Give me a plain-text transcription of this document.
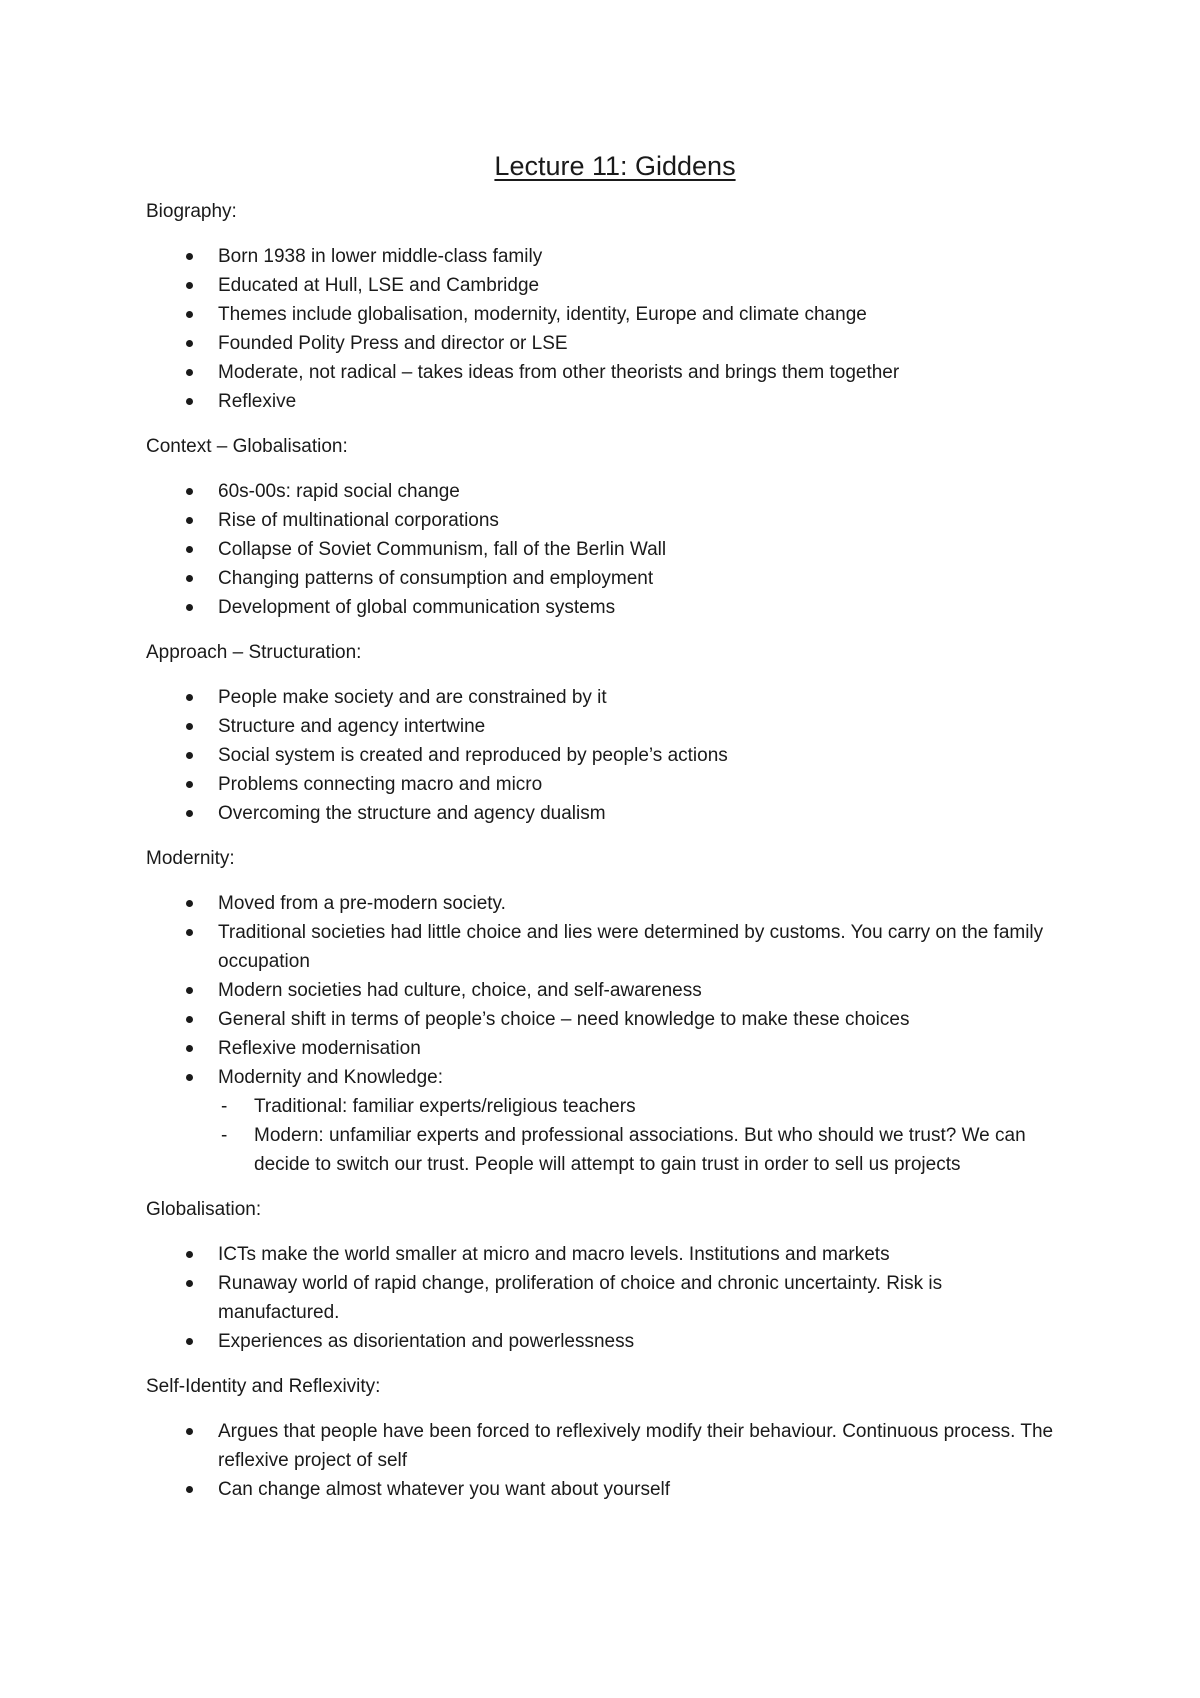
Lecture 11: Giddens
Biography:
Born 1938 in lower middle-class family
Educated at Hull, LSE and Cambridge
Themes include globalisation, modernity, identity, Europe and climate change
Founded Polity Press and director or LSE
Moderate, not radical – takes ideas from other theorists and brings them together
Reflexive
Context – Globalisation:
60s-00s: rapid social change
Rise of multinational corporations
Collapse of Soviet Communism, fall of the Berlin Wall
Changing patterns of consumption and employment
Development of global communication systems
Approach – Structuration:
People make society and are constrained by it
Structure and agency intertwine
Social system is created and reproduced by people’s actions
Problems connecting macro and micro
Overcoming the structure and agency dualism
Modernity:
Moved from a pre-modern society.
Traditional societies had little choice and lies were determined by customs. You carry on the family occupation
Modern societies had culture, choice, and self-awareness
General shift in terms of people’s choice – need knowledge to make these choices
Reflexive modernisation
Modernity and Knowledge:
- Traditional: familiar experts/religious teachers
- Modern: unfamiliar experts and professional associations. But who should we trust? We can decide to switch our trust. People will attempt to gain trust in order to sell us projects
Globalisation:
ICTs make the world smaller at micro and macro levels. Institutions and markets
Runaway world of rapid change, proliferation of choice and chronic uncertainty. Risk is manufactured.
Experiences as disorientation and powerlessness
Self-Identity and Reflexivity:
Argues that people have been forced to reflexively modify their behaviour. Continuous process. The reflexive project of self
Can change almost whatever you want about yourself
